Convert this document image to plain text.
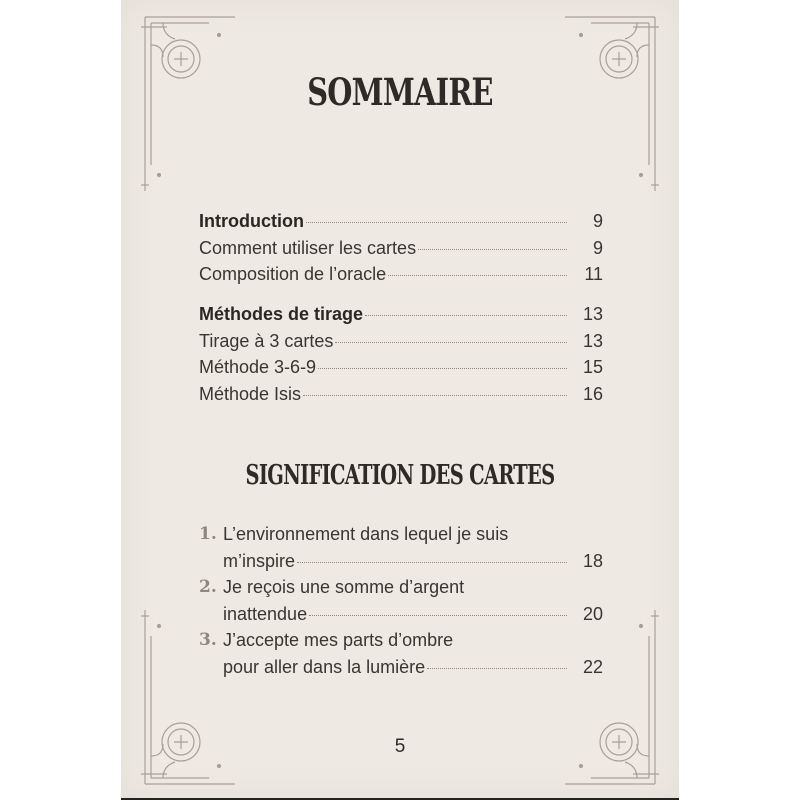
SOMMAIRE
Introduction	9
Comment utiliser les cartes	9
Composition de l’oracle	11
Méthodes de tirage	13
Tirage à 3 cartes	13
Méthode 3-6-9	15
Méthode Isis	16
SIGNIFICATION DES CARTES
1. L’environnement dans lequel je suis
m’inspire	18
2. Je reçois une somme d’argent
inattendue	20
3. J’accepte mes parts d’ombre
pour aller dans la lumière	22
5
